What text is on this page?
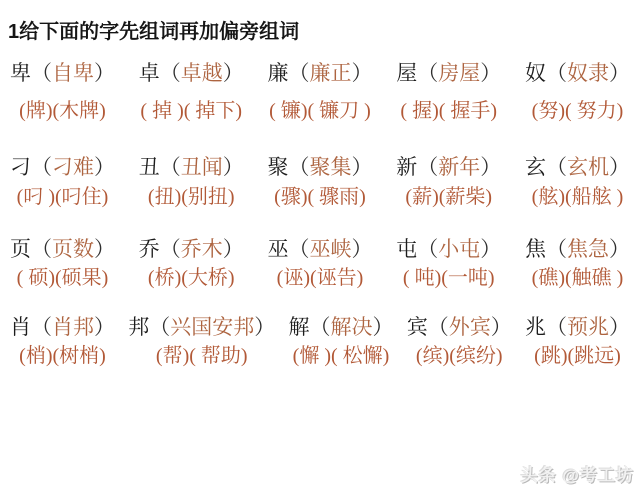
1给下面的字先组词再加偏旁组词
卑（自卑）
(牌)(木牌)
卓（卓越）
( 掉 )( 掉下)
廉（廉正）
( 镰)( 镰刀 )
屋（房屋）
( 握)( 握手)
奴（奴隶）
(努)( 努力)
刁（刁难）
(叼 )(叼住)
丑（丑闻）
(扭)(别扭)
聚（聚集）
(骤)( 骤雨)
新（新年）
(薪)(薪柴)
玄（玄机）
(舷)(船舷 )
页（页数）
( 硕)(硕果)
乔（乔木）
(桥)(大桥)
巫（巫峡）
(诬)(诬告)
屯（小屯）
( 吨)(一吨)
焦（焦急）
(礁)(触礁 )
肖（肖邦）
(梢)(树梢)
邦（兴国安邦）
(帮)( 帮助)
解（解决）
(懈 )( 松懈)
宾（外宾）
(缤)(缤纷)
兆（预兆）
(跳)(跳远)
头条 @考工坊
